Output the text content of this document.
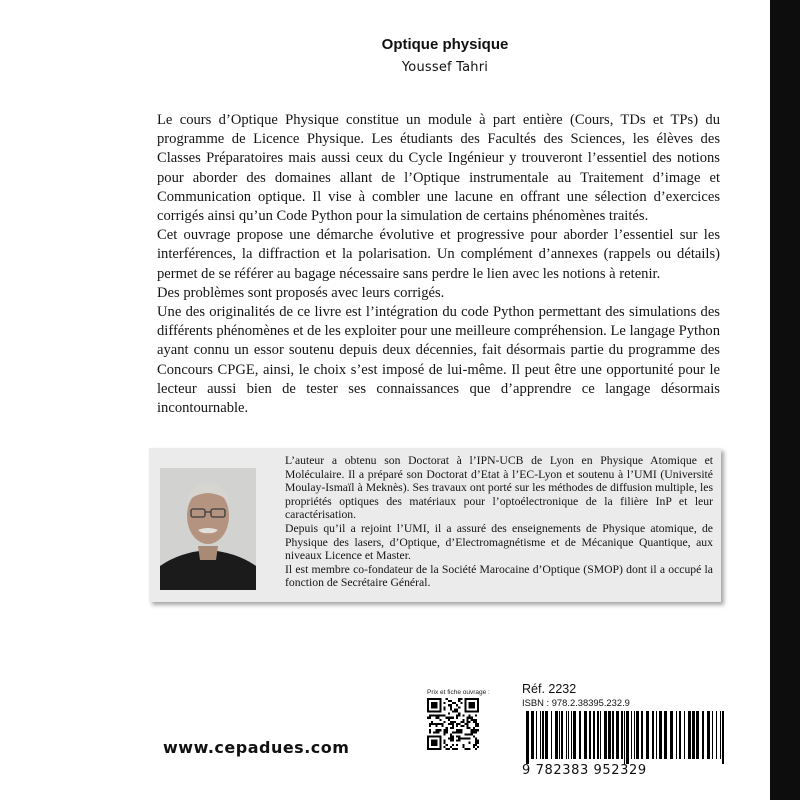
Optique physique
Youssef Tahri

Le cours d’Optique Physique constitue un module à part entière (Cours, TDs et TPs) du programme de Licence Physique. Les étudiants des Facultés des Sciences, les élèves des Classes Préparatoires mais aussi ceux du Cycle Ingénieur y trouveront l’essentiel des notions pour aborder des domaines allant de l’Optique instrumentale au Traitement d’image et Communication optique. Il vise à combler une lacune en offrant une sélection d’exercices corrigés ainsi qu’un Code Python pour la simulation de certains phénomènes traités.

Cet ouvrage propose une démarche évolutive et progressive pour aborder l’essentiel sur les interférences, la diffraction et la polarisation. Un complément d’annexes (rappels ou détails) permet de se référer au bagage nécessaire sans perdre le lien avec les notions à retenir.

Des problèmes sont proposés avec leurs corrigés.

Une des originalités de ce livre est l’intégration du code Python permettant des simulations des différents phénomènes et de les exploiter pour une meilleure compréhension. Le langage Python ayant connu un essor soutenu depuis deux décennies, fait désormais partie du programme des Concours CPGE, ainsi, le choix s’est imposé de lui-même. Il peut être une opportunité pour le lecteur aussi bien de tester ses connaissances que d’apprendre ce langage désormais incontournable.

L’auteur a obtenu son Doctorat à l’IPN-UCB de Lyon en Physique Atomique et Moléculaire. Il a préparé son Doctorat d’Etat à l’EC-Lyon et soutenu à l’UMI (Université Moulay-Ismaïl à Meknès). Ses travaux ont porté sur les méthodes de diffusion multiple, les propriétés optiques des matériaux pour l’optoélectronique de la filière InP et leur caractérisation.

Depuis qu’il a rejoint l’UMI, il a assuré des enseignements de Physique atomique, de Physique des lasers, d’Optique, d’Electromagnétisme et de Mécanique Quantique, aux niveaux Licence et Master.

Il est membre co-fondateur de la Société Marocaine d’Optique (SMOP) dont il a occupé la fonction de Secrétaire Général.

www.cepadues.com
Prix et fiche ouvrage :	Réf. 2232
ISBN : 978.2.38395.232.9
9 782383 952329
